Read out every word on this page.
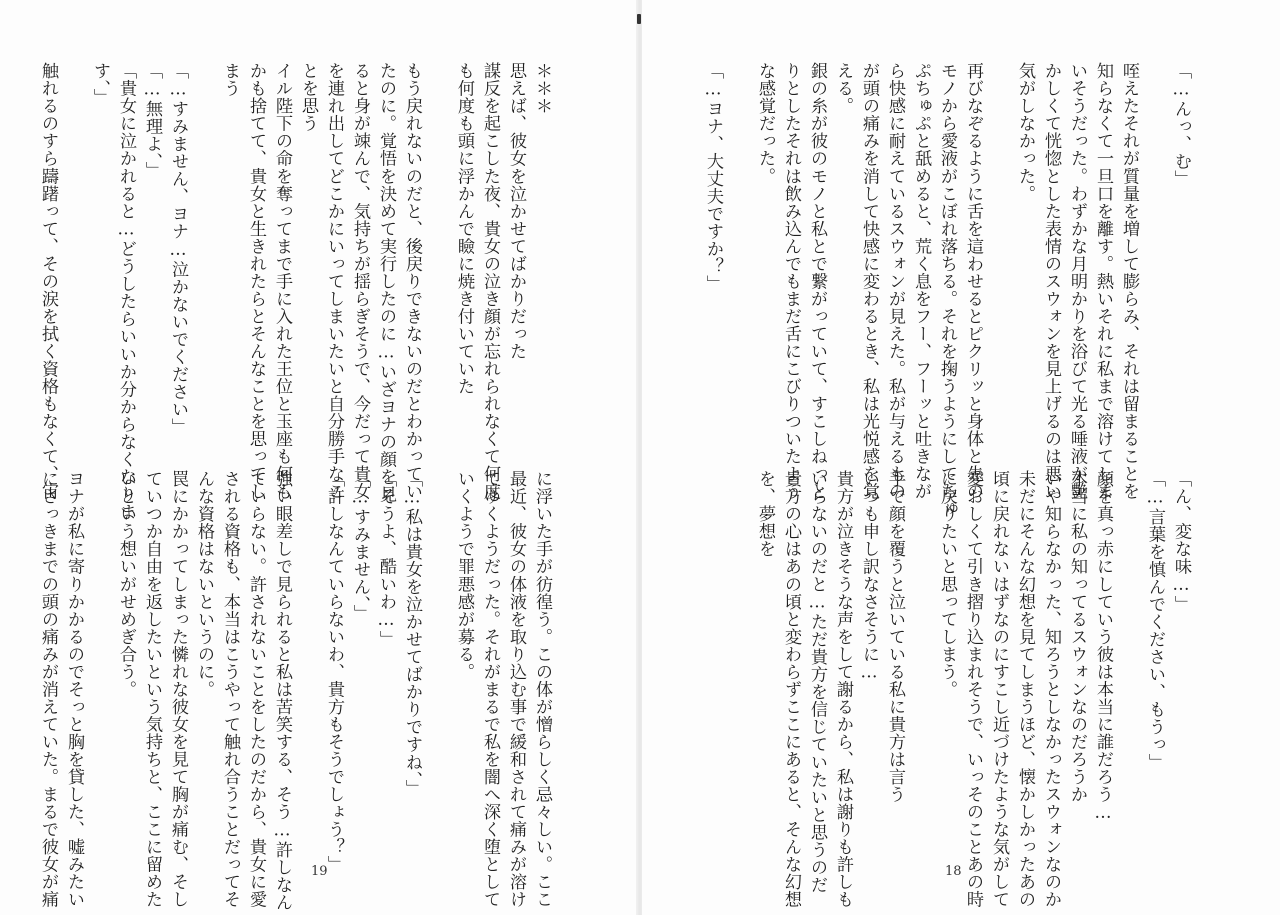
＊＊＊
思えば、彼女を泣かせてばかりだった
謀反を起こした夜、貴女の泣き顔が忘れられなくて何度
も何度も頭に浮かんで瞼に焼き付いていた
もう戻れないのだと、後戻りできないのだとわかってい
たのに。覚悟を決めて実行したのに…いざヨナの顔を見
ると身が竦んで、気持ちが揺らぎそうで、今だって貴女
を連れ出してどこかにいってしまいたいと自分勝手なこ
とを思う
イル陛下の命を奪ってまで手に入れた王位と玉座も何も
かも捨てて、貴女と生きれたらとそんなことを思ってし
まう
「…すみません、ヨナ…泣かないでください」
「…無理よ、」
「貴女に泣かれると…どうしたらいいか分からなくなりま
す、」
触れるのすら躊躇って、その涙を拭く資格もなくて、宙
に浮いた手が彷徨う。この体が憎らしく忌々しい。ここ
最近、彼女の体液を取り込む事で緩和されて痛みが溶け
てゆくようだった。それがまるで私を闇へ深く堕として
いくようで罪悪感が募る。
「…私は貴女を泣かせてばかりですね、」
「そうよ、酷いわ…」
「…すみません、」
「許しなんていらないわ、貴方もそうでしょう？」
強い眼差しで見られると私は苦笑する、そう…許しなん
ていらない。許されないことをしたのだから、貴女に愛
される資格も、本当はこうやって触れ合うことだってそ
んな資格はないというのに。
罠にかかってしまった憐れな彼女を見て胸が痛む、そし
ていつか自由を返したいという気持ちと、ここに留めた
いという想いがせめぎ合う。
ヨナが私に寄りかかるのでそっと胸を貸した、嘘みたい
にさっきまでの頭の痛みが消えていた。まるで彼女が痛	19
「…んっ、む」
咥えたそれが質量を増して膨らみ、それは留まることを
知らなくて一旦口を離す。熱いそれに私まで溶けてしま
いそうだった。わずかな月明かりを浴びて光る唾液が艶
かしくて恍惚とした表情のスウォンを見上げるのは悪い
気がしなかった。
再びなぞるように舌を這わせるとピクリッと身体と先の
モノから愛液がこぼれ落ちる。それを掬うようにしてちゅ
ぷちゅぷと舐めると、荒く息をフー、フーッと吐きなが
ら快感に耐えているスウォンが見えた。私が与えるもの
が頭の痛みを消して快感に変わるとき、私は光悦感を覚
える。
銀の糸が彼のモノと私とで繋がっていて、すこしねっと
りとしたそれは飲み込んでもまだ舌にこびりついたよう
な感覚だった。
「…ヨナ、大丈夫ですか？」
「ん、変な味…」
「…言葉を慎んでください、もうっ」
顔を真っ赤にしていう彼は本当に誰だろう…
本当に私の知ってるスウォンなのだろうか
いや知らなかった、知ろうとしなかったスウォンなのか
未だにそんな幻想を見てしまうほど、懐かしかったあの
頃に戻れないはずなのにすこし近づけたような気がして
愛おしくて引き摺り込まれそうで、いっそのことあの時
に戻りたいと思ってしまう。
手で顔を覆うと泣いている私に貴方は言う
いつも申し訳なさそうに…
貴方が泣きそうな声をして謝るから、私は謝りも許しも
いらないのだと…ただ貴方を信じていたいと思うのだ
貴方の心はあの頃と変わらずここにあると、そんな幻想
を、夢想を
18
